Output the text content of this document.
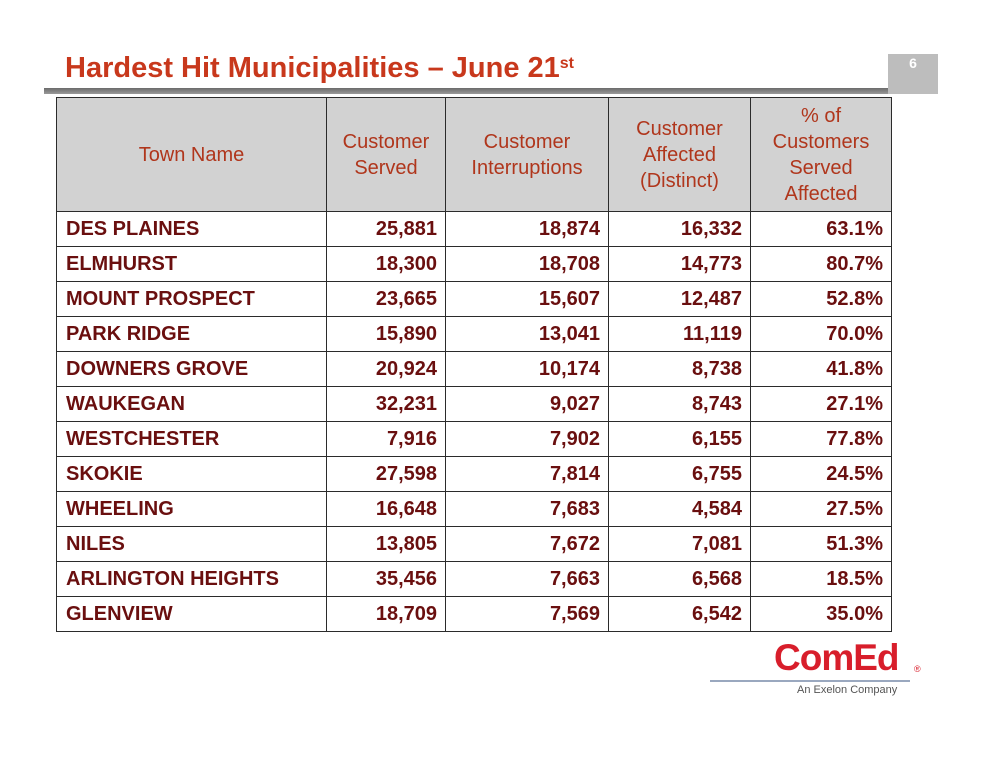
Hardest Hit Municipalities – June 21st	6
Town Name	Customer Served	Customer Interruptions	Customer Affected (Distinct)	% of Customers Served Affected
DES PLAINES	25,881	18,874	16,332	63.1%
ELMHURST	18,300	18,708	14,773	80.7%
MOUNT PROSPECT	23,665	15,607	12,487	52.8%
PARK RIDGE	15,890	13,041	11,119	70.0%
DOWNERS GROVE	20,924	10,174	8,738	41.8%
WAUKEGAN	32,231	9,027	8,743	27.1%
WESTCHESTER	7,916	7,902	6,155	77.8%
SKOKIE	27,598	7,814	6,755	24.5%
WHEELING	16,648	7,683	4,584	27.5%
NILES	13,805	7,672	7,081	51.3%
ARLINGTON HEIGHTS	35,456	7,663	6,568	18.5%
GLENVIEW	18,709	7,569	6,542	35.0%
ComEd ®
An Exelon Company
